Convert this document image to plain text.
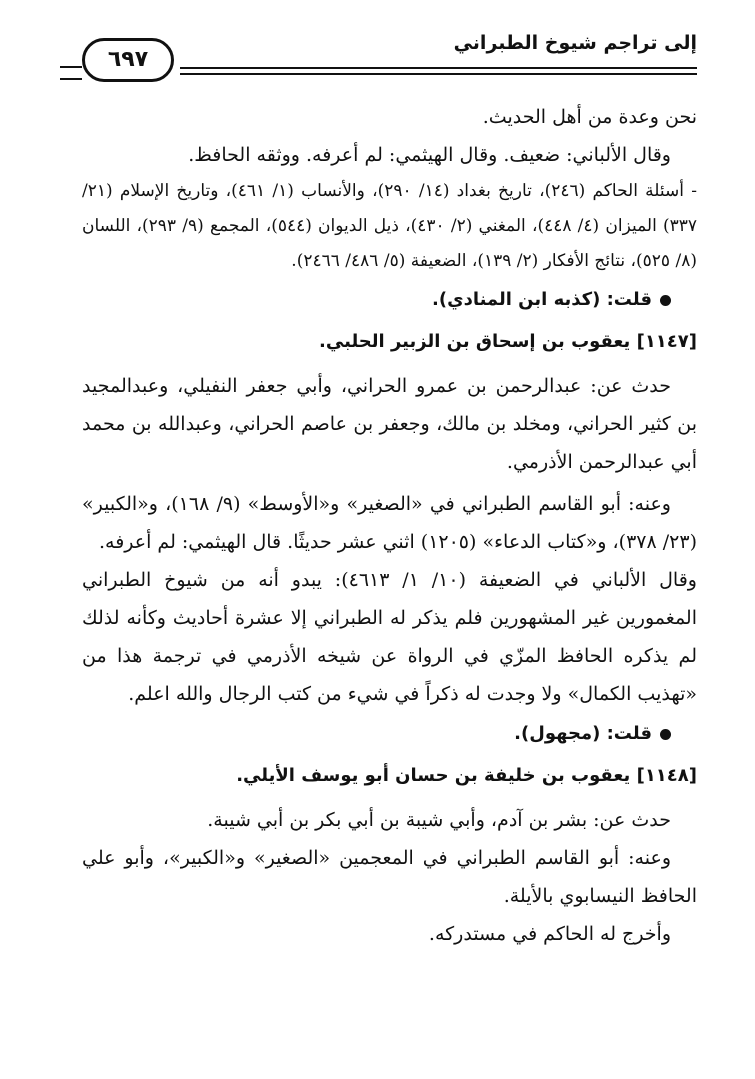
إلى تراجم شيوخ الطبراني
٦٩٧

نحن وعدة من أهل الحديث.

وقال الألباني: ضعيف. وقال الهيثمي: لم أعرفه. ووثقه الحافظ.

- أسئلة الحاكم (٢٤٦)، تاريخ بغداد (١٤/ ٢٩٠)، والأنساب (١/ ٤٦١)، وتاريخ الإسلام (٢١/ ٣٣٧) الميزان (٤/ ٤٤٨)، المغني (٢/ ٤٣٠)، ذيل الديوان (٥٤٤)، المجمع (٩/ ٢٩٣)، اللسان (٨/ ٥٢٥)، نتائج الأفكار (٢/ ١٣٩)، الضعيفة (٥/ ٤٨٦/ ٢٤٦٦).

قلت: (كذبه ابن المنادي).
[١١٤٧] يعقوب بن إسحاق بن الزبير الحلبي.

حدث عن: عبدالرحمن بن عمرو الحراني، وأبي جعفر النفيلي، وعبدالمجيد بن كثير الحراني، ومخلد بن مالك، وجعفر بن عاصم الحراني، وعبدالله بن محمد أبي عبدالرحمن الأذرمي.

وعنه: أبو القاسم الطبراني في «الصغير» و«الأوسط» (٩/ ١٦٨)، و«الكبير» (٢٣/ ٣٧٨)، و«كتاب الدعاء» (١٢٠٥) اثني عشر حديثًا. قال الهيثمي: لم أعرفه.

وقال الألباني في الضعيفة (١٠/ ١/ ٤٦١٣): يبدو أنه من شيوخ الطبراني المغمورين غير المشهورين فلم يذكر له الطبراني إلا عشرة أحاديث وكأنه لذلك لم يذكره الحافظ المزّي في الرواة عن شيخه الأذرمي في ترجمة هذا من «تهذيب الكمال» ولا وجدت له ذكراً في شيء من كتب الرجال والله اعلم.

قلت: (مجهول).
[١١٤٨] يعقوب بن خليفة بن حسان أبو يوسف الأيلي.

حدث عن: بشر بن آدم، وأبي شيبة بن أبي بكر بن أبي شيبة.

وعنه: أبو القاسم الطبراني في المعجمين «الصغير» و«الكبير»، وأبو علي الحافظ النيسابوي بالأيلة.

وأخرج له الحاكم في مستدركه.
